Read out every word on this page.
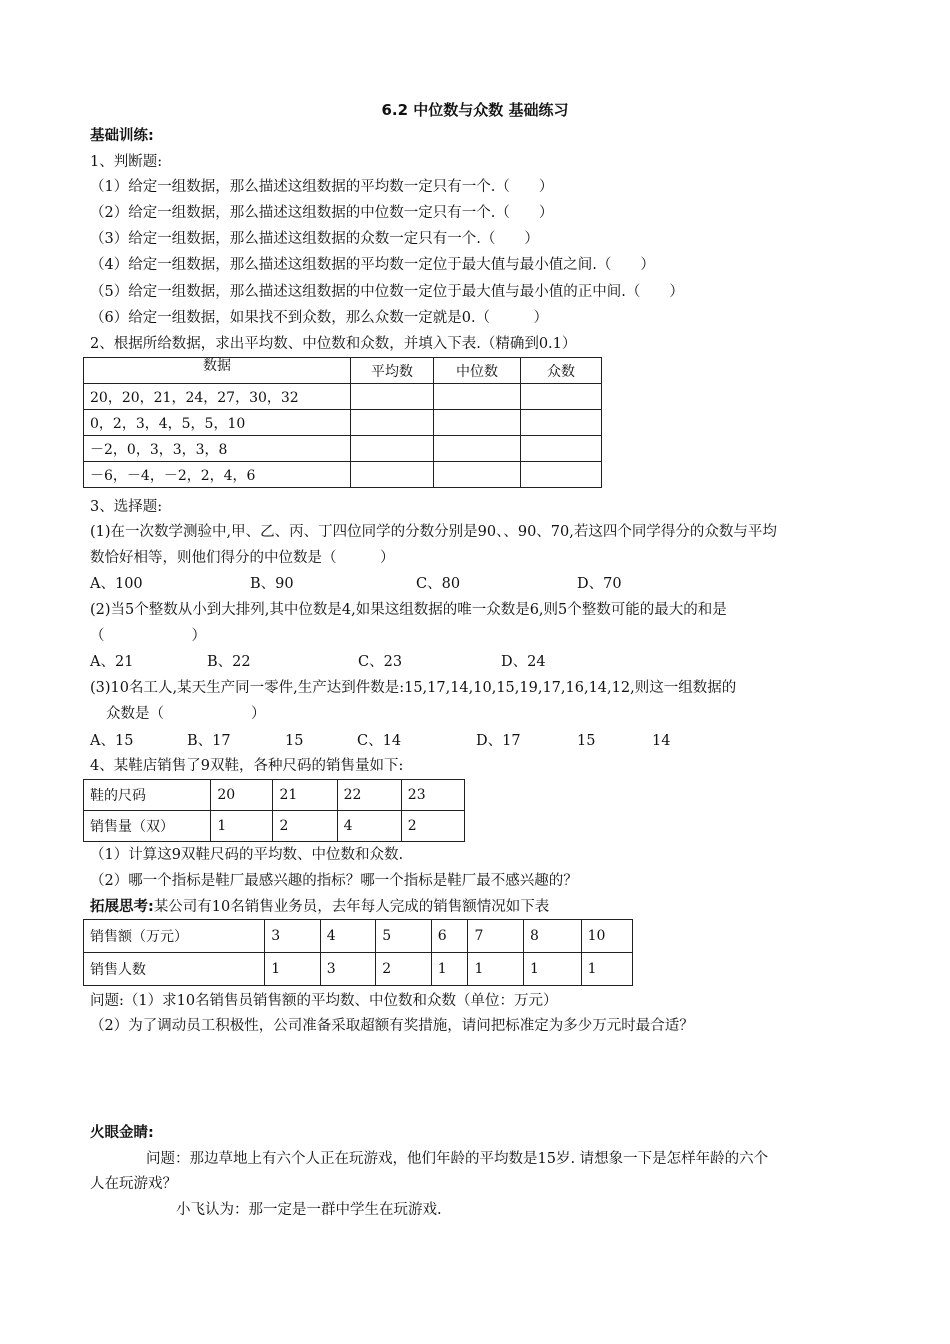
6.2 中位数与众数 基础练习
基础训练:
1、判断题:
（1）给定一组数据，那么描述这组数据的平均数一定只有一个.（　　）
（2）给定一组数据，那么描述这组数据的中位数一定只有一个.（　　）
（3）给定一组数据，那么描述这组数据的众数一定只有一个.（　　）
（4）给定一组数据，那么描述这组数据的平均数一定位于最大值与最小值之间.（　　）
（5）给定一组数据，那么描述这组数据的中位数一定位于最大值与最小值的正中间.（　　）
（6）给定一组数据，如果找不到众数，那么众数一定就是0.（　　　）
2、根据所给数据，求出平均数、中位数和众数，并填入下表.（精确到0.1）
数据	平均数	中位数	众数
20，20，21，24，27，30，32			
0，2，3，4，5，5，10			
－2，0，3，3，3，8			
－6，－4，－2，2，4，6			
3、选择题:
(1)在一次数学测验中,甲、乙、丙、丁四位同学的分数分别是90、、90、70,若这四个同学得分的众数与平均
数恰好相等，则他们得分的中位数是（　　　）
A、100	B、90	C、80	D、70
(2)当5个整数从小到大排列,其中位数是4,如果这组数据的唯一众数是6,则5个整数可能的最大的和是
（　　　　　　）
A、21	B、22	C、23	D、24
(3)10名工人,某天生产同一零件,生产达到件数是:15,17,14,10,15,19,17,16,14,12,则这一组数据的
众数是（　　　　　　）
A、15	B、17	15	C、14	D、17	15	14
4、某鞋店销售了9双鞋，各种尺码的销售量如下:
鞋的尺码	20	21	22	23
销售量（双）	1	2	4	2
（1）计算这9双鞋尺码的平均数、中位数和众数.
（2）哪一个指标是鞋厂最感兴趣的指标？哪一个指标是鞋厂最不感兴趣的？
拓展思考:某公司有10名销售业务员，去年每人完成的销售额情况如下表
销售额（万元）	3	4	5	6	7	8	10
销售人数	1	3	2	1	1	1	1
问题:（1）求10名销售员销售额的平均数、中位数和众数（单位：万元）
（2）为了调动员工积极性，公司准备采取超额有奖措施，请问把标准定为多少万元时最合适？
火眼金睛:
问题：那边草地上有六个人正在玩游戏，他们年龄的平均数是15岁. 请想象一下是怎样年龄的六个
人在玩游戏？
小飞认为：那一定是一群中学生在玩游戏.
